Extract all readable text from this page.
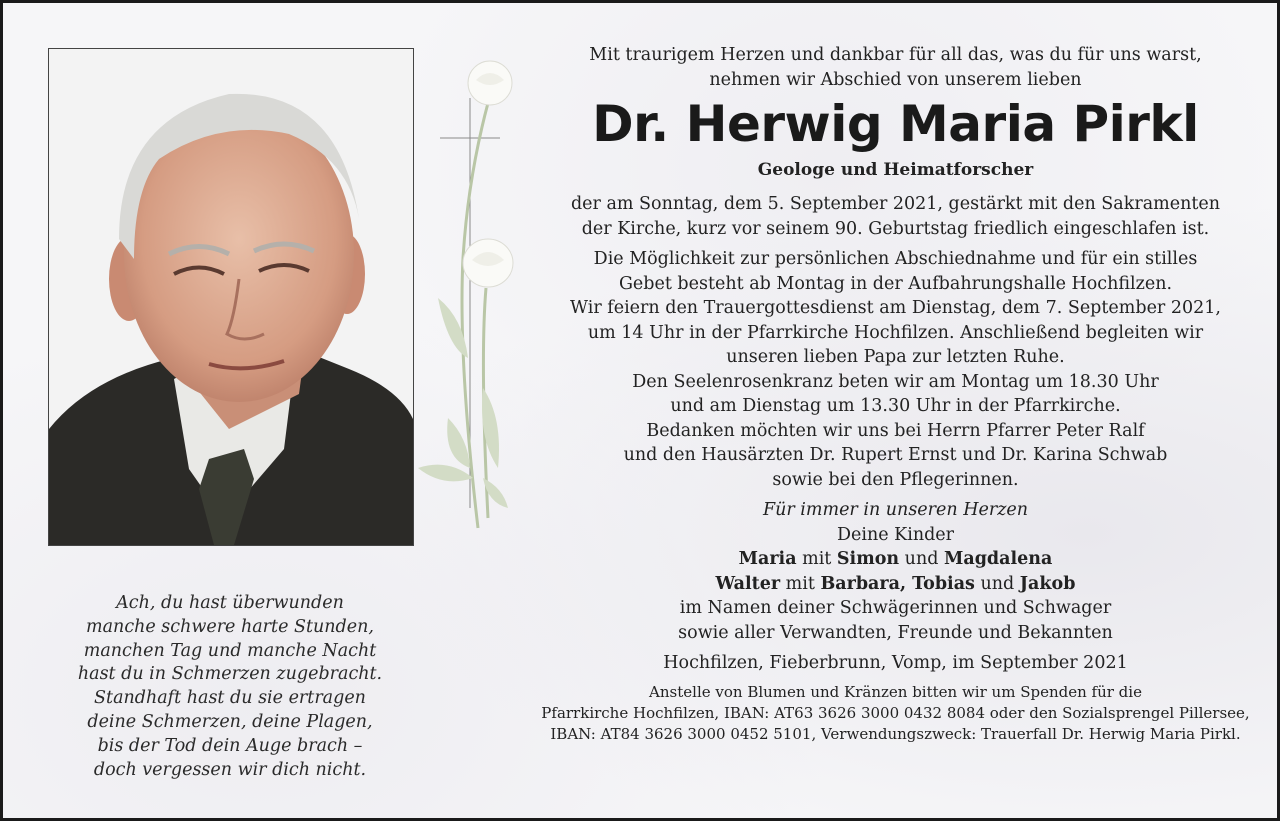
Ach, du hast überwunden
manche schwere harte Stunden,
manchen Tag und manche Nacht
hast du in Schmerzen zugebracht.
Standhaft hast du sie ertragen
deine Schmerzen, deine Plagen,
bis der Tod dein Auge brach –
doch vergessen wir dich nicht.
Mit traurigem Herzen und dankbar für all das, was du für uns warst,
nehmen wir Abschied von unserem lieben
Dr. Herwig Maria Pirkl
Geologe und Heimatforscher
der am Sonntag, dem 5. September 2021, gestärkt mit den Sakramenten
der Kirche, kurz vor seinem 90. Geburtstag friedlich eingeschlafen ist.
Die Möglichkeit zur persönlichen Abschiednahme und für ein stilles
Gebet besteht ab Montag in der Aufbahrungshalle Hochfilzen.
Wir feiern den Trauergottesdienst am Dienstag, dem 7. September 2021,
um 14 Uhr in der Pfarrkirche Hochfilzen. Anschließend begleiten wir
unseren lieben Papa zur letzten Ruhe.
Den Seelenrosenkranz beten wir am Montag um 18.30 Uhr
und am Dienstag um 13.30 Uhr in der Pfarrkirche.
Bedanken möchten wir uns bei Herrn Pfarrer Peter Ralf
und den Hausärzten Dr. Rupert Ernst und Dr. Karina Schwab
sowie bei den Pflegerinnen.
Für immer in unseren Herzen
Deine Kinder
Maria mit Simon und Magdalena
Walter mit Barbara, Tobias und Jakob
im Namen deiner Schwägerinnen und Schwager
sowie aller Verwandten, Freunde und Bekannten
Hochfilzen, Fieberbrunn, Vomp, im September 2021
Anstelle von Blumen und Kränzen bitten wir um Spenden für die
Pfarrkirche Hochfilzen, IBAN: AT63 3626 3000 0432 8084 oder den Sozialsprengel Pillersee,
IBAN: AT84 3626 3000 0452 5101, Verwendungszweck: Trauerfall Dr. Herwig Maria Pirkl.
